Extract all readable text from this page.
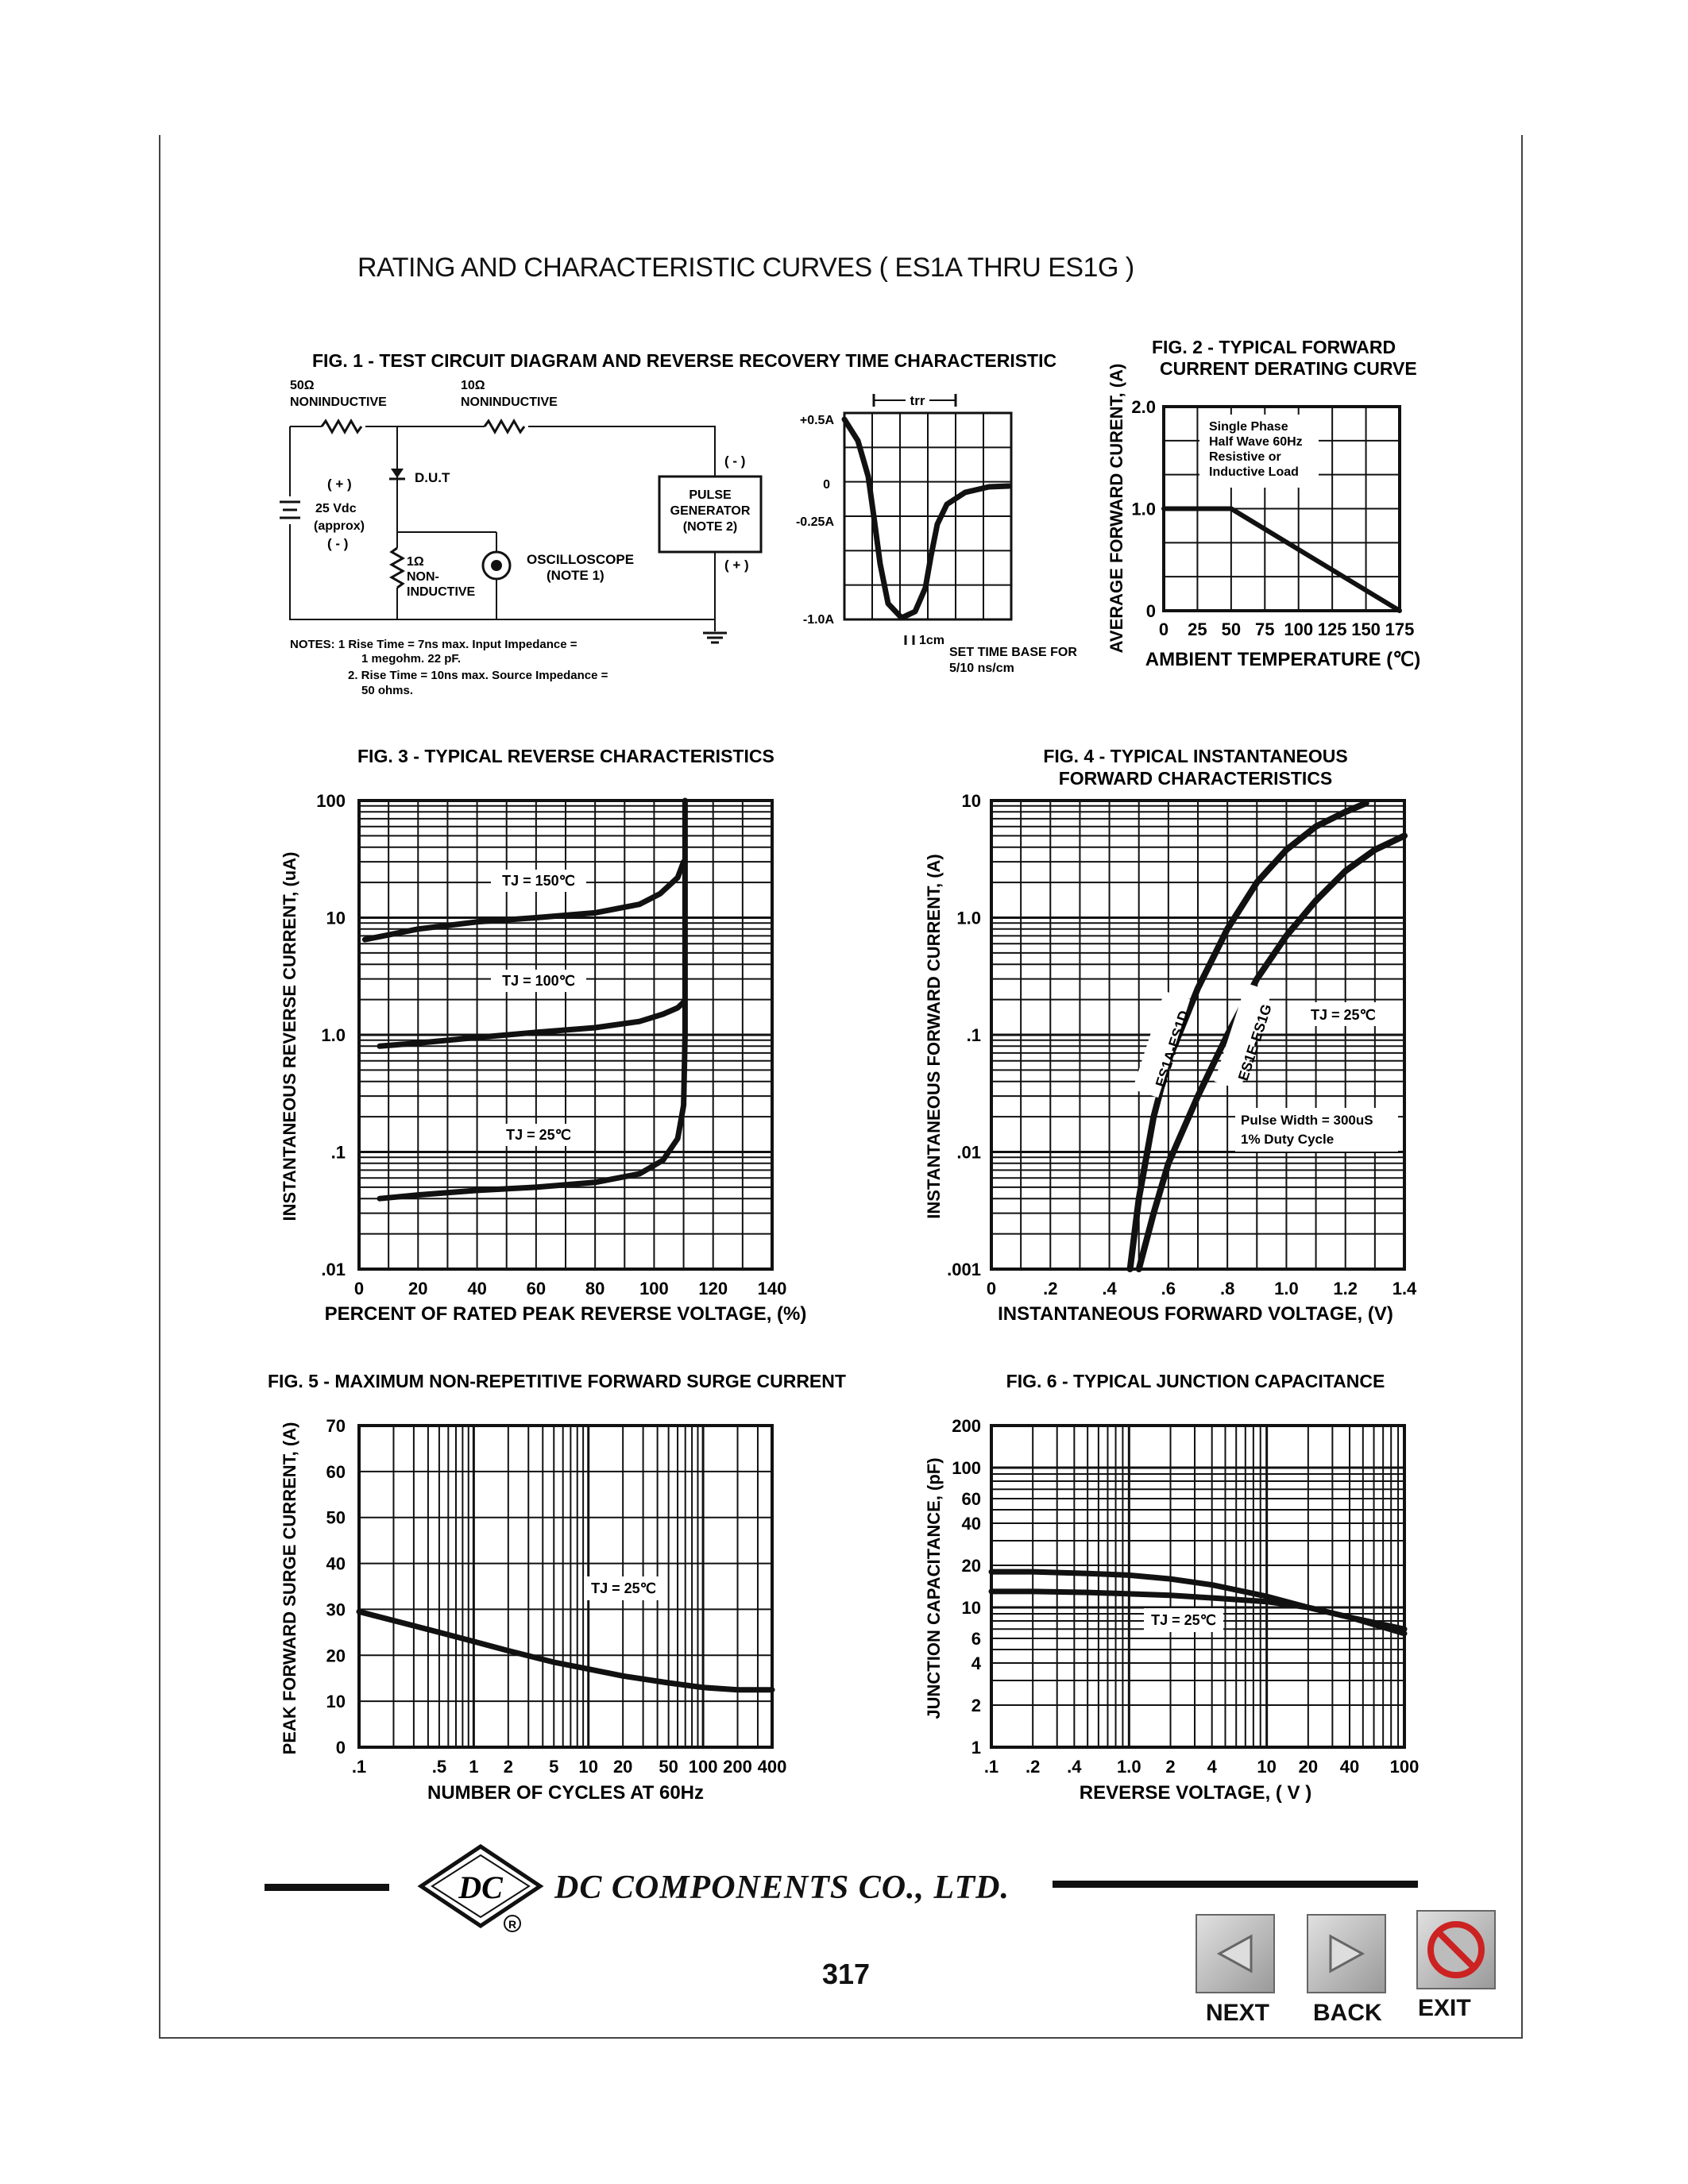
RATING AND CHARACTERISTIC CURVES ( ES1A THRU ES1G )
FIG. 1 - TEST CIRCUIT DIAGRAM AND REVERSE RECOVERY TIME CHARACTERISTIC
50Ω
NONINDUCTIVE
10Ω
NONINDUCTIVE
D.U.T
OSCILLOSCOPE
(NOTE 1)
1Ω
NON-
INDUCTIVE
( + )
25 Vdc
(approx)
( - )
PULSE
GENERATOR
(NOTE 2)
( - )
( + )
NOTES: 1 Rise Time = 7ns max. Input Impedance =
1 megohm. 22 pF.
2. Rise Time = 10ns max. Source Impedance =
50 ohms.
+0.5A
0
-0.25A
-1.0A
trr
1cm
SET TIME BASE FOR
5/10 ns/cm
FIG. 2 - TYPICAL FORWARD
CURRENT DERATING CURVE
0
1.0
2.0
0 25 50 75 100 125 150 175
AMBIENT TEMPERATURE (℃)
AVERAGE FORWARD CURENT, (A)	Single Phase
Half Wave 60Hz
Resistive or
Inductive Load
FIG. 3 - TYPICAL REVERSE CHARACTERISTICS
100
10
1.0
.1
.01
0	20 40 60 80 100 120 140
PERCENT OF RATED PEAK REVERSE VOLTAGE, (%)
INSTANTANEOUS REVERSE CURRENT, (uA)	TJ = 150℃
TJ = 100℃
TJ = 25℃
FIG. 4 - TYPICAL INSTANTANEOUS
FORWARD CHARACTERISTICS
10
1.0
.1
.01
.001
0	.2	.4	.6	.8 1.0 1.2 1.4
INSTANTANEOUS FORWARD VOLTAGE, (V)
INSTANTANEOUS FORWARD CURRENT, (A)	ES1A-ES1D	ES1E-ES1G	TJ = 25℃
Pulse Width = 300uS
1% Duty Cycle
FIG. 5 - MAXIMUM NON-REPETITIVE FORWARD SURGE CURRENT
0
10
20
30
40
50
60
70
.1	.5 1 2 5 10 20 50 100 200 400
NUMBER OF CYCLES AT 60Hz
PEAK FORWARD SURGE CURRENT, (A)	TJ = 25℃
FIG. 6 - TYPICAL JUNCTION CAPACITANCE
1
2
4
6
10
20
40
60
100
200
.1 .2 .4 1.0 2 4 10 20 40 100
REVERSE VOLTAGE, ( V )
JUNCTION CAPACITANCE, (pF)	TJ = 25℃
DC
R
DC COMPONENTS CO., LTD.
317
NEXT BACK EXIT
